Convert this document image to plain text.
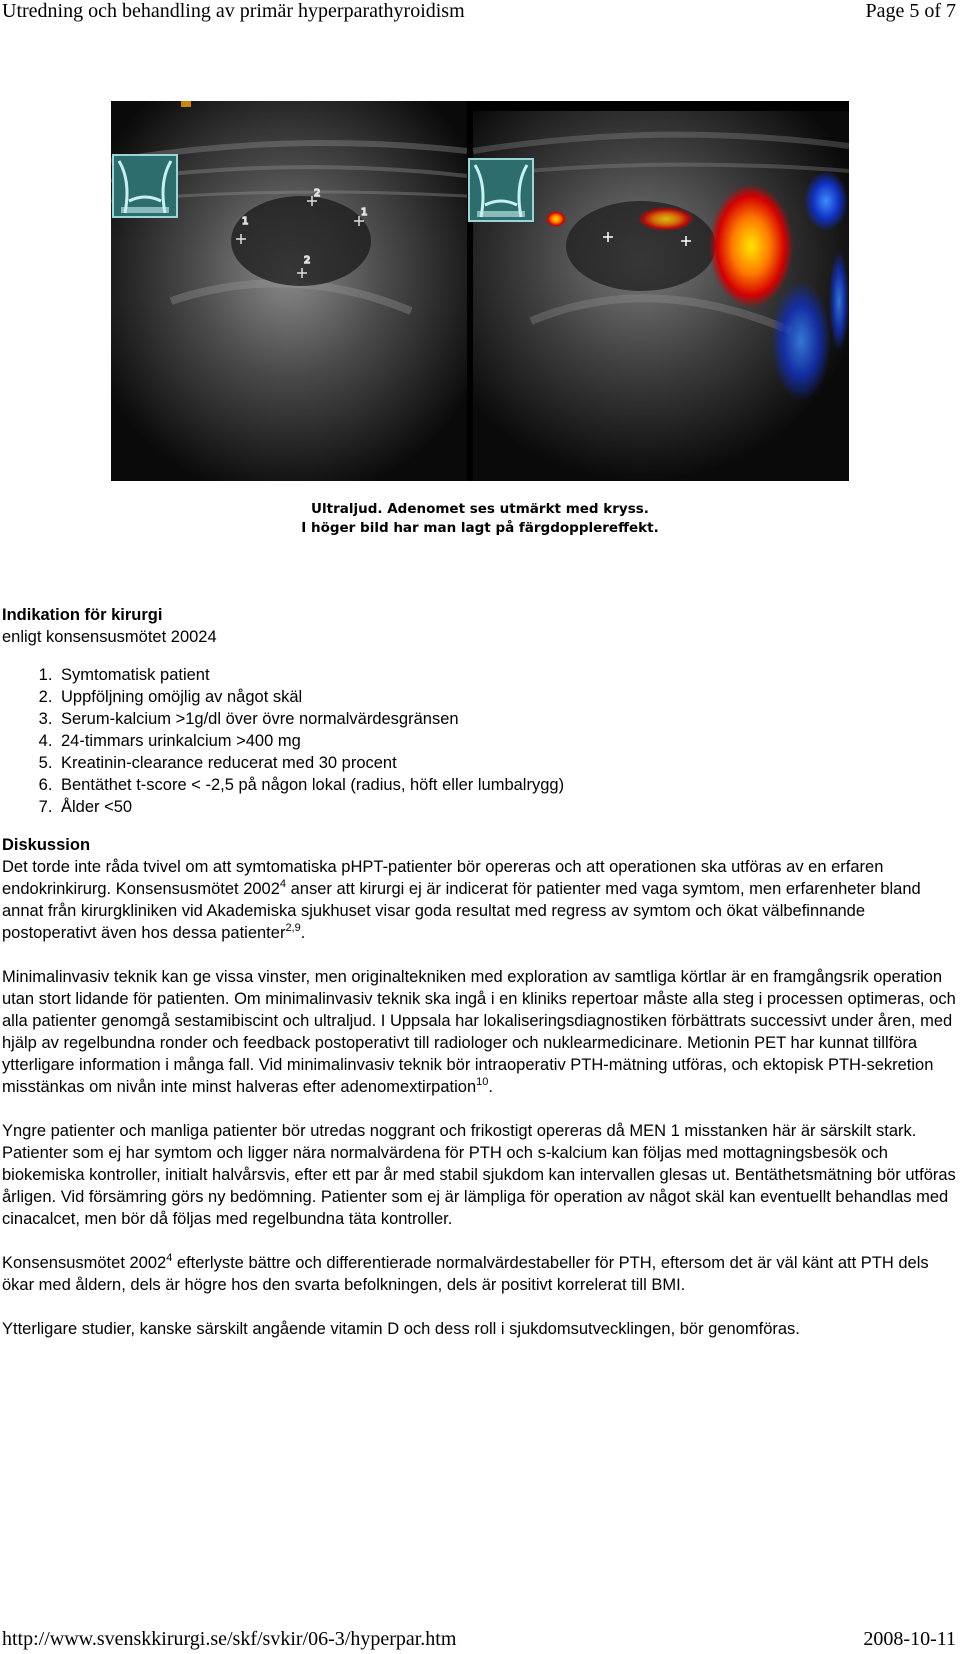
Utredning och behandling av primär hyperparathyroidism	Page 5 of 7
2
1
1
2
Ultraljud. Adenomet ses utmärkt med kryss.
I höger bild har man lagt på färgdopplereffekt.
Indikation för kirurgi
enligt konsensusmötet 20024
1. Symtomatisk patient
2. Uppföljning omöjlig av något skäl
3. Serum-kalcium >1g/dl över övre normalvärdesgränsen
4. 24-timmars urinkalcium >400 mg
5. Kreatinin-clearance reducerat med 30 procent
6. Bentäthet t-score < -2,5 på någon lokal (radius, höft eller lumbalrygg)
7. Ålder <50
Diskussion

Det torde inte råda tvivel om att symtomatiska pHPT-patienter bör opereras och att operationen ska utföras av en erfaren endokrinkirurg. Konsensusmötet 2002$^4$ anser att kirurgi ej är indicerat för patienter med vaga symtom, men erfarenheter bland annat från kirurgkliniken vid Akademiska sjukhuset visar goda resultat med regress av symtom och ökat välbefinnande postoperativt även hos dessa patienter$^{2,9}$.

Minimalinvasiv teknik kan ge vissa vinster, men originaltekniken med exploration av samtliga körtlar är en framgångsrik operation utan stort lidande för patienten. Om minimalinvasiv teknik ska ingå i en kliniks repertoar måste alla steg i processen optimeras, och alla patienter genomgå sestamibiscint och ultraljud. I Uppsala har lokaliseringsdiagnostiken förbättrats successivt under åren, med hjälp av regelbundna ronder och feedback postoperativt till radiologer och nuklearmedicinare. Metionin PET har kunnat tillföra ytterligare information i många fall. Vid minimalinvasiv teknik bör intraoperativ PTH-mätning utföras, och ektopisk PTH-sekretion misstänkas om nivån inte minst halveras efter adenomextirpation$^{10}$.

Yngre patienter och manliga patienter bör utredas noggrant och frikostigt opereras då MEN 1 misstanken här är särskilt stark. Patienter som ej har symtom och ligger nära normalvärdena för PTH och s-kalcium kan följas med mottagningsbesök och biokemiska kontroller, initialt halvårsvis, efter ett par år med stabil sjukdom kan intervallen glesas ut. Bentäthetsmätning bör utföras årligen. Vid försämring görs ny bedömning. Patienter som ej är lämpliga för operation av något skäl kan eventuellt behandlas med cinacalcet, men bör då följas med regelbundna täta kontroller.

Konsensusmötet 2002$^4$ efterlyste bättre och differentierade normalvärdestabeller för PTH, eftersom det är väl känt att PTH dels ökar med åldern, dels är högre hos den svarta befolkningen, dels är positivt korrelerat till BMI.

Ytterligare studier, kanske särskilt angående vitamin D och dess roll i sjukdomsutvecklingen, bör genomföras.

http://www.svenskkirurgi.se/skf/svkir/06-3/hyperpar.htm	2008-10-11
